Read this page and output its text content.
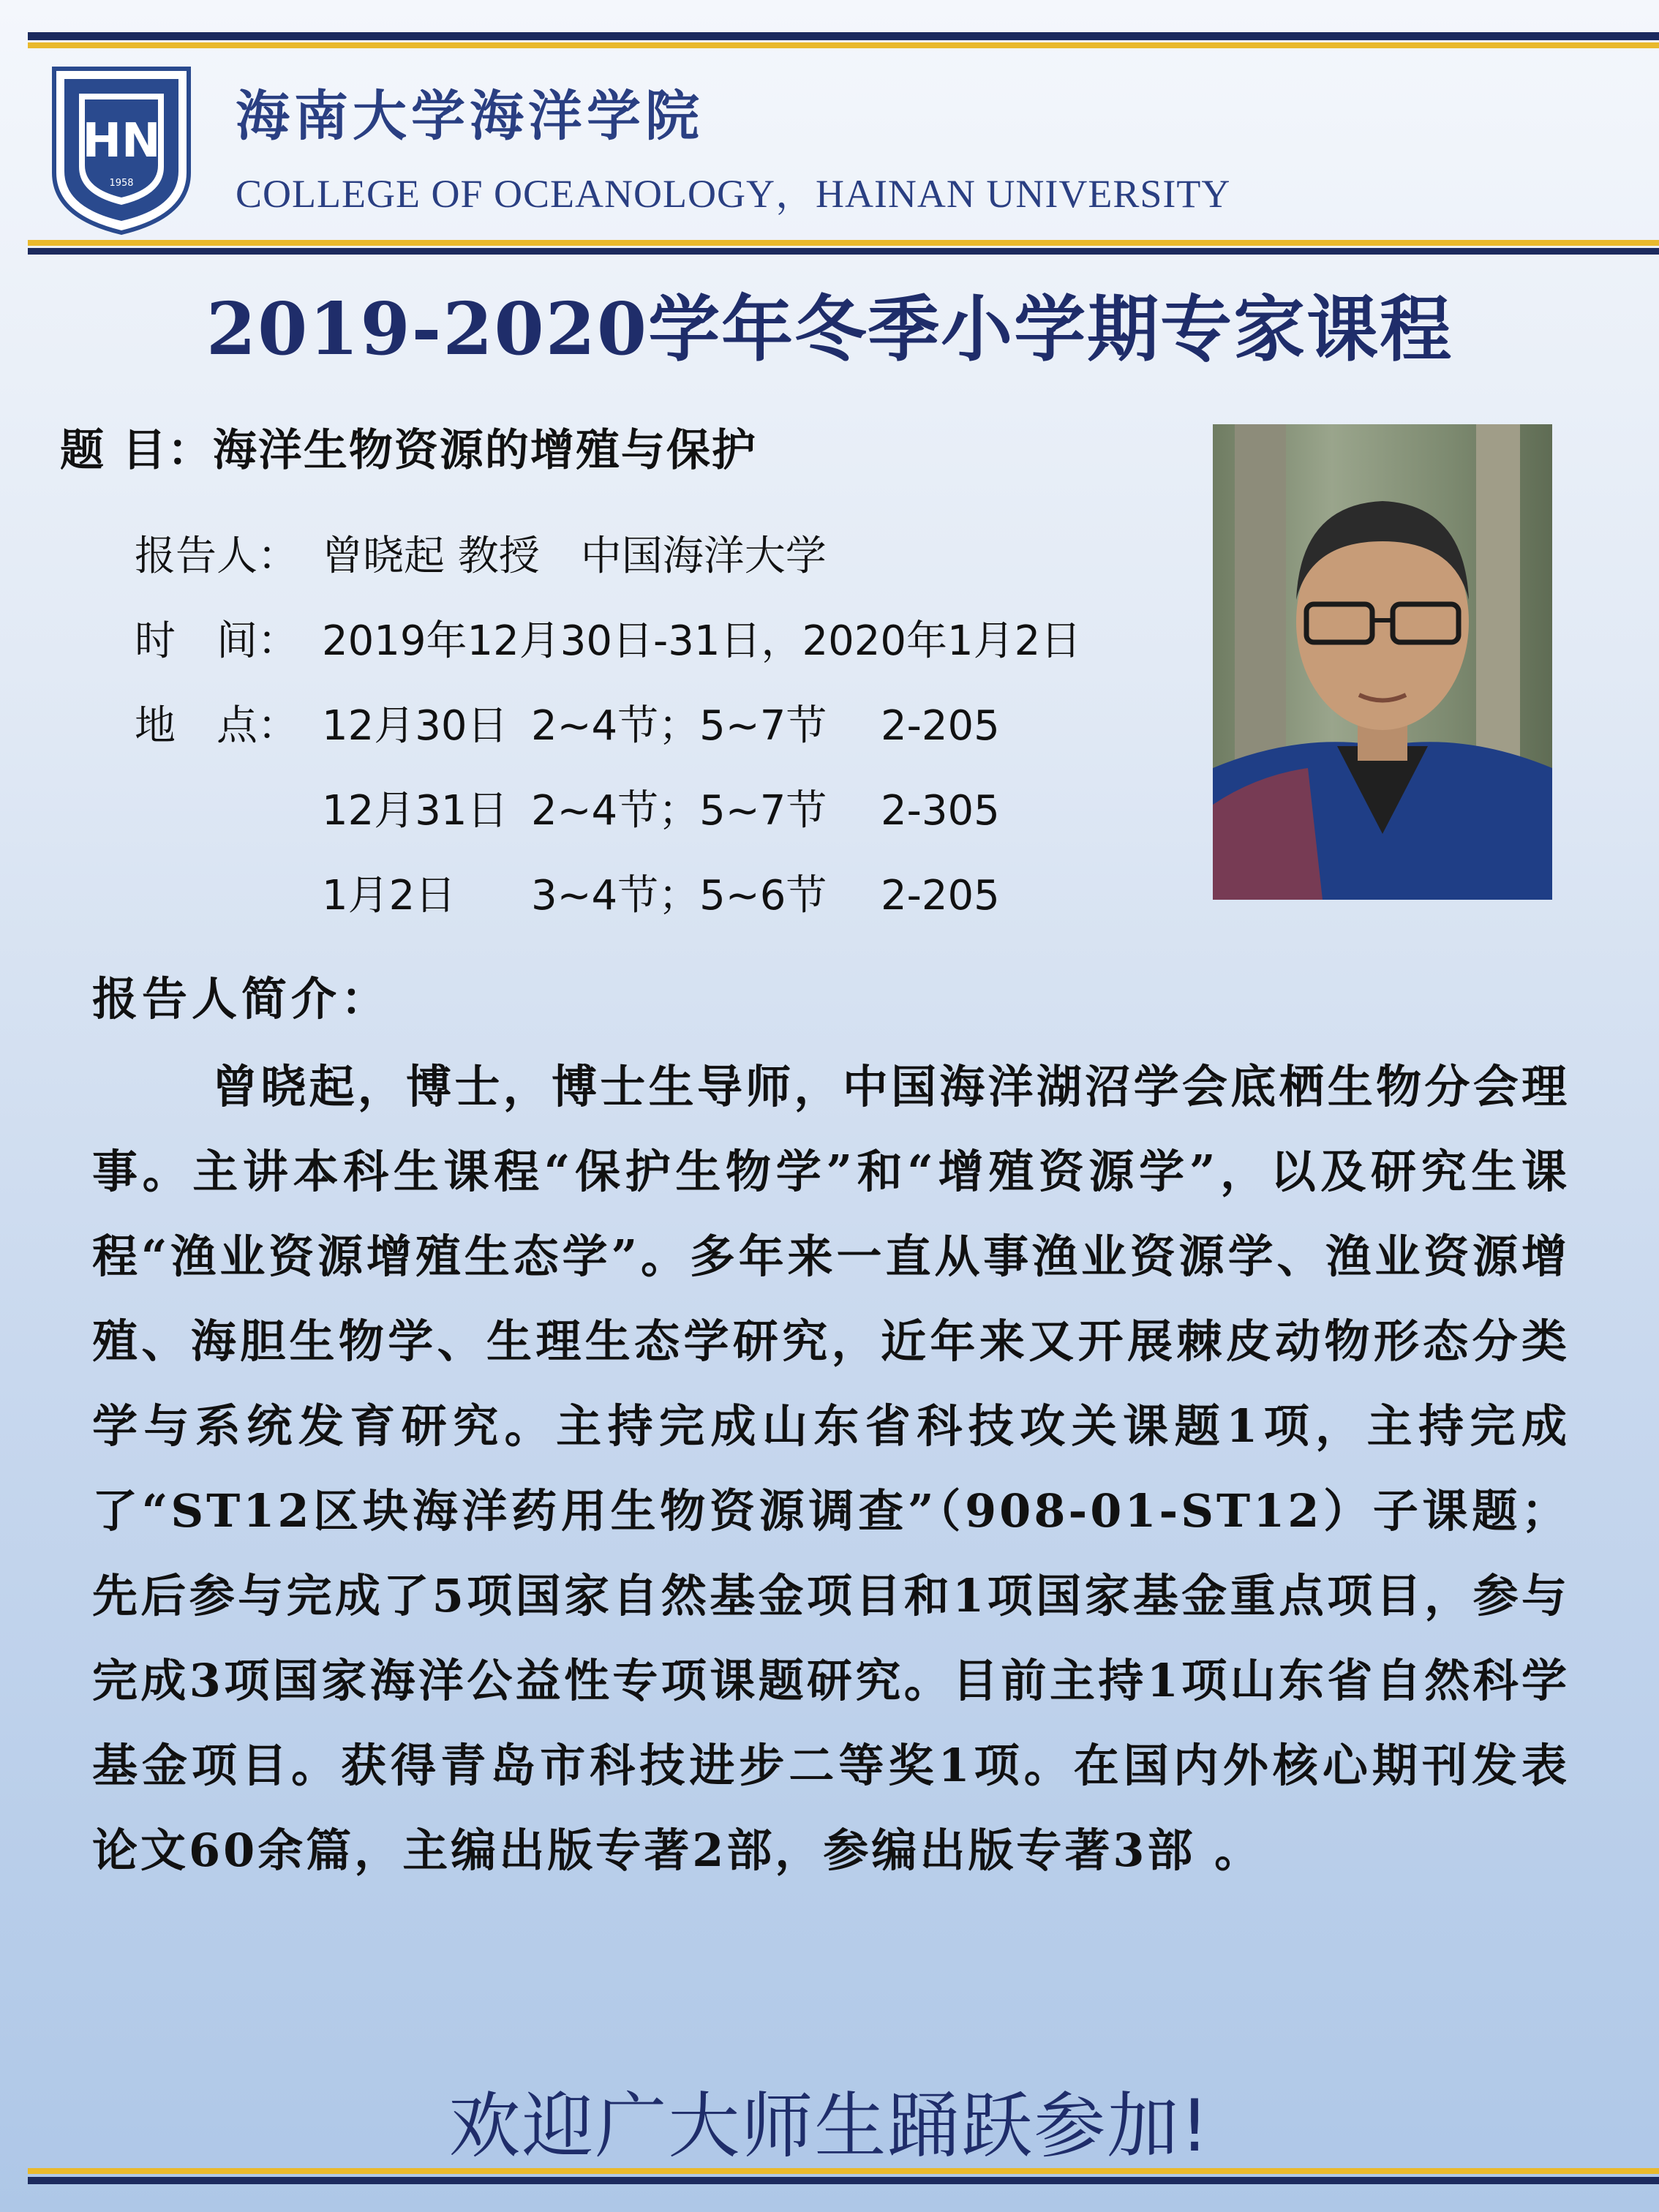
HN
1958
海南大学海洋学院
COLLEGE OF OCEANOLOGY，HAINAN UNIVERSITY
2019-2020学年冬季小学期专家课程
题 目：海洋生物资源的增殖与保护
报告人： 曾晓起 教授　中国海洋大学
时　间： 2019年12月30日-31日，2020年1月2日
地　点： 12月30日 2~4节；5~7节 2-205
12月31日 2~4节；5~7节 2-305
1月2日 3~4节；5~6节 2-205
报告人简介：
曾晓起，博士，博士生导师，中国海洋湖沼学会底栖生物分会理事。主讲本科生课程“保护生物学”和“增殖资源学”，以及研究生课程“渔业资源增殖生态学”。多年来一直从事渔业资源学、渔业资源增殖、海胆生物学、生理生态学研究，近年来又开展棘皮动物形态分类学与系统发育研究。主持完成山东省科技攻关课题1项，主持完成了“ST12区块海洋药用生物资源调查”（908-01-ST12）子课题；先后参与完成了5项国家自然基金项目和1项国家基金重点项目，参与完成3项国家海洋公益性专项课题研究。目前主持1项山东省自然科学基金项目。获得青岛市科技进步二等奖1项。在国内外核心期刊发表论文60余篇，主编出版专著2部，参编出版专著3部 。
欢迎广大师生踊跃参加!
